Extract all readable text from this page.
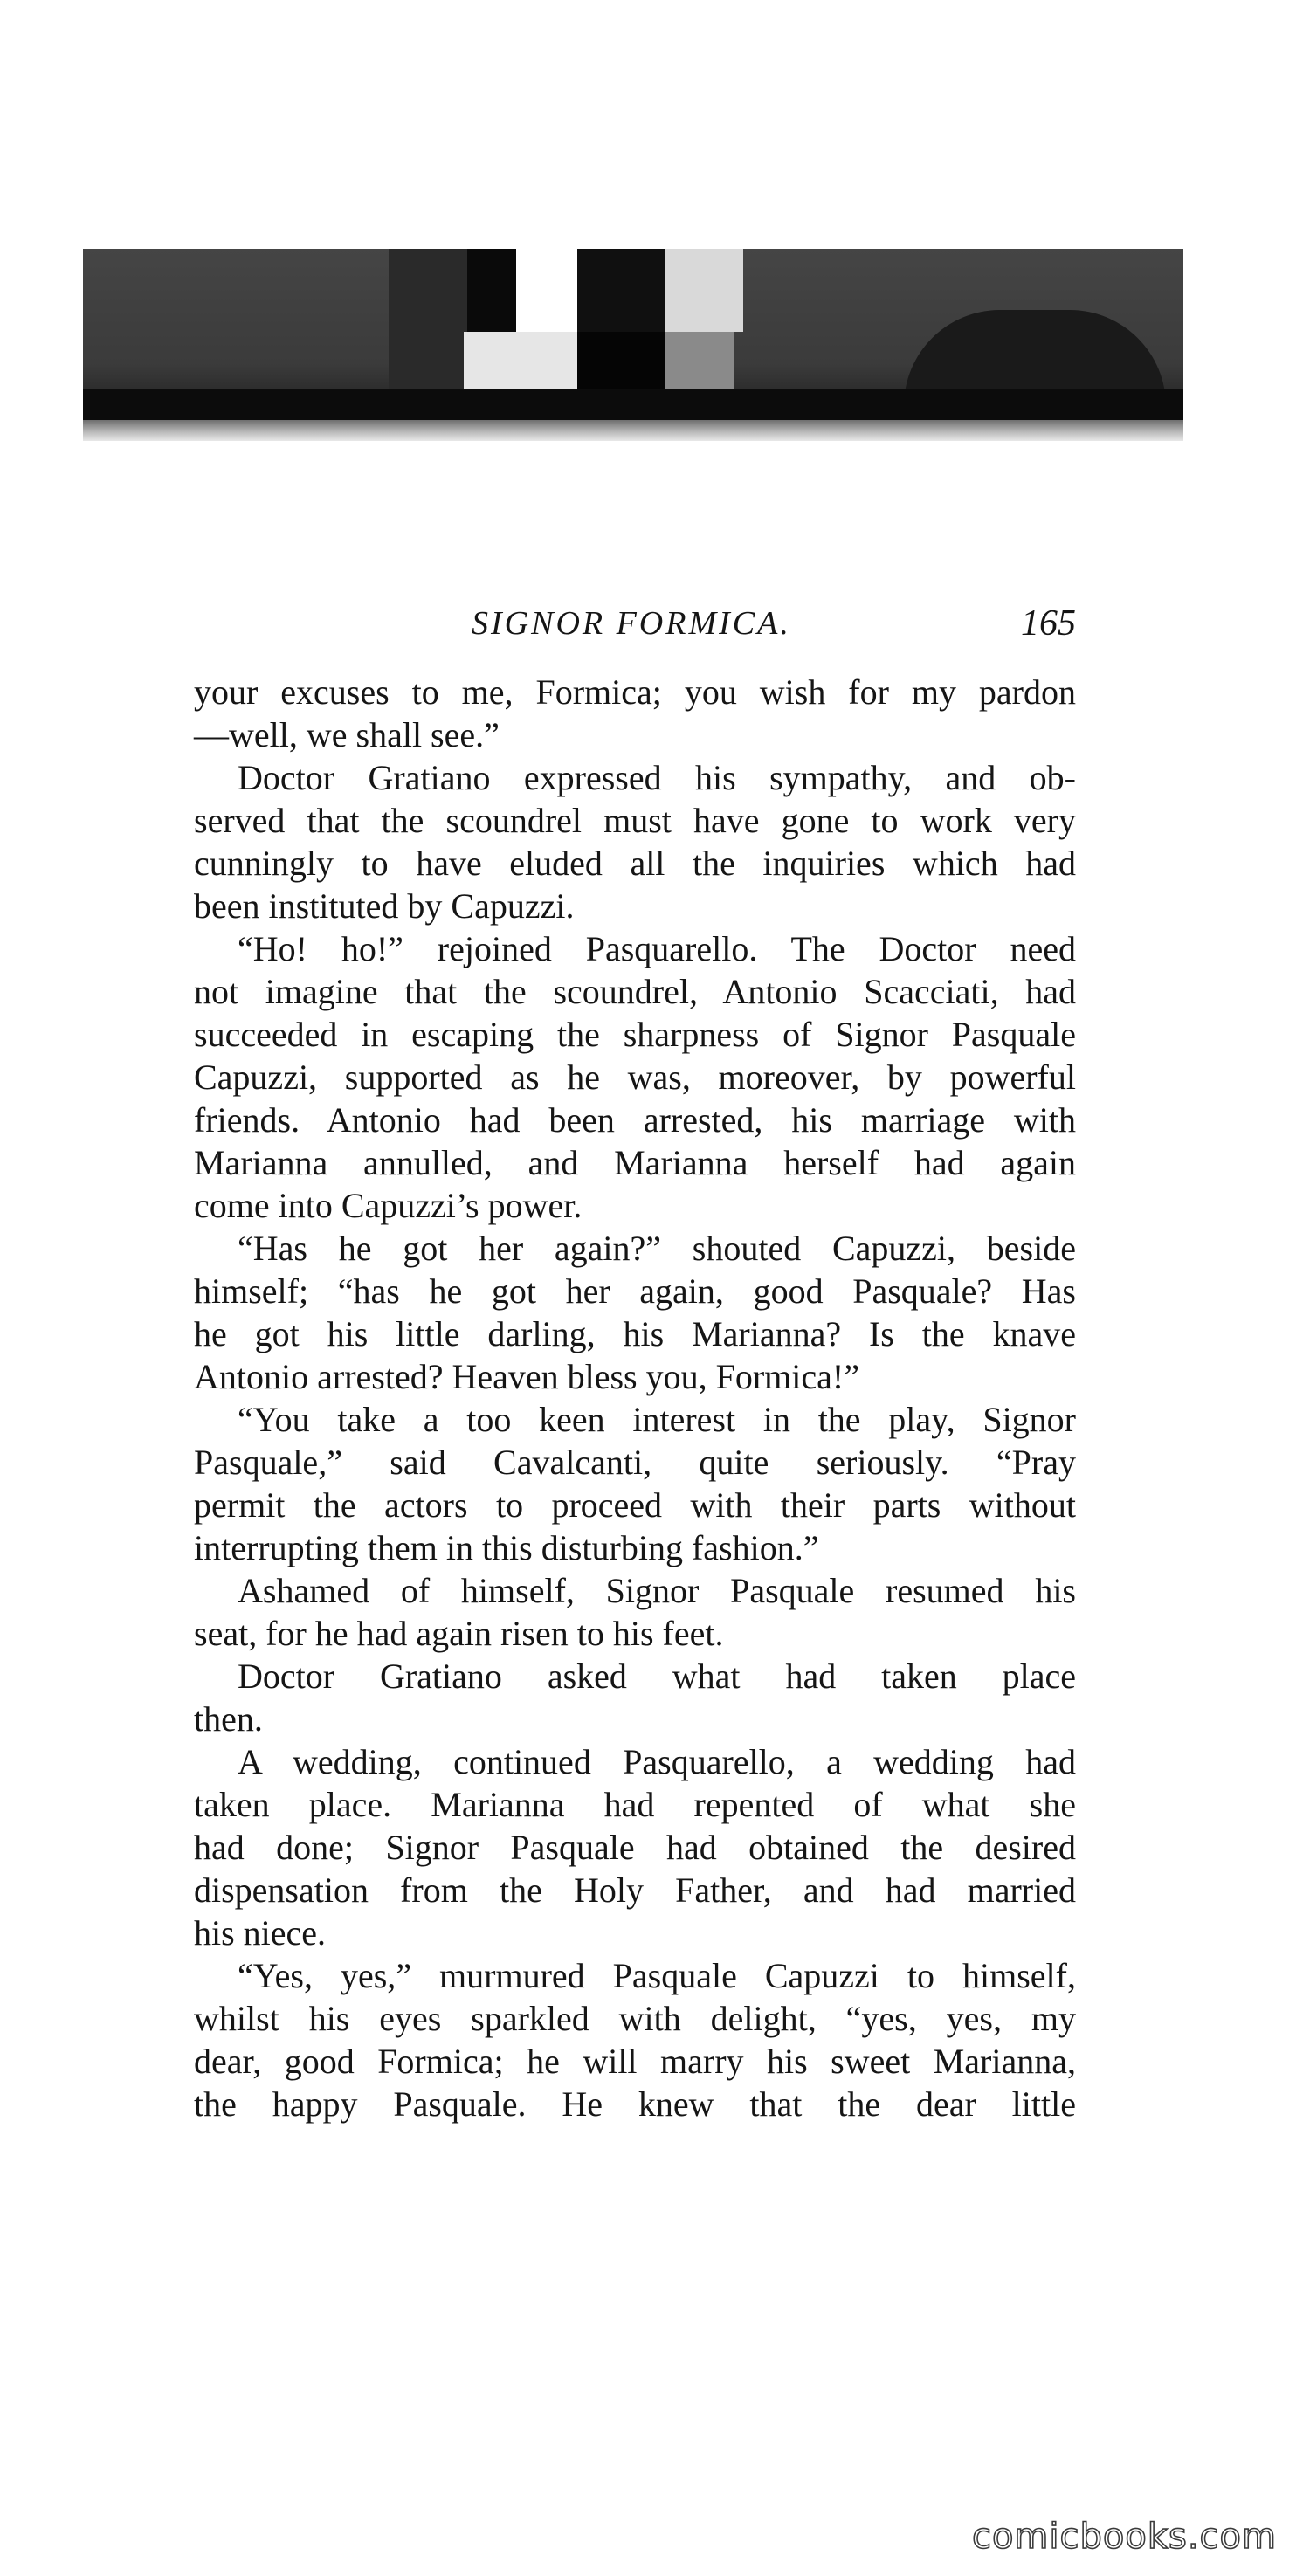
SIGNOR FORMICA.	165
your excuses to me, Formica; you wish for my pardon
—well, we shall see.”
Doctor Gratiano expressed his sympathy, and ob-
served that the scoundrel must have gone to work very
cunningly to have eluded all the inquiries which had
been instituted by Capuzzi.
“Ho! ho!” rejoined Pasquarello. The Doctor need
not imagine that the scoundrel, Antonio Scacciati, had
succeeded in escaping the sharpness of Signor Pasquale
Capuzzi, supported as he was, moreover, by powerful
friends. Antonio had been arrested, his marriage with
Marianna annulled, and Marianna herself had again
come into Capuzzi’s power.
“Has he got her again?” shouted Capuzzi, beside
himself; “has he got her again, good Pasquale? Has
he got his little darling, his Marianna? Is the knave
Antonio arrested? Heaven bless you, Formica!”
“You take a too keen interest in the play, Signor
Pasquale,” said Cavalcanti, quite seriously. “Pray
permit the actors to proceed with their parts without
interrupting them in this disturbing fashion.”
Ashamed of himself, Signor Pasquale resumed his
seat, for he had again risen to his feet.
Doctor Gratiano asked what had taken place
then.
A wedding, continued Pasquarello, a wedding had
taken place. Marianna had repented of what she
had done; Signor Pasquale had obtained the desired
dispensation from the Holy Father, and had married
his niece.
“Yes, yes,” murmured Pasquale Capuzzi to himself,
whilst his eyes sparkled with delight, “yes, yes, my
dear, good Formica; he will marry his sweet Marianna,
the happy Pasquale. He knew that the dear little
comicbooks.com
